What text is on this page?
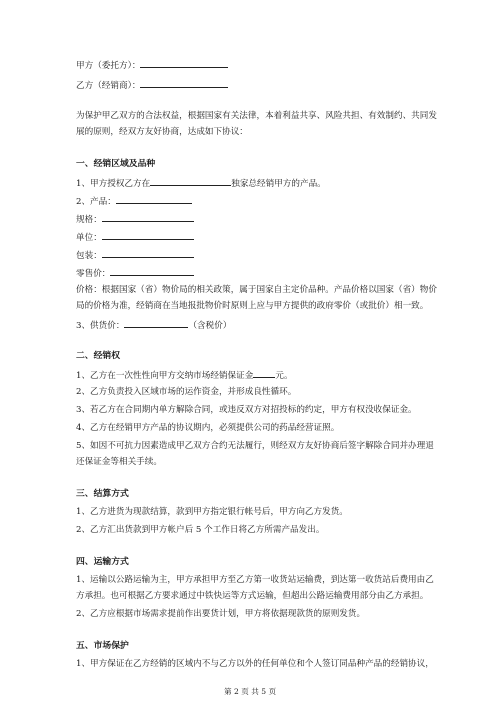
甲方（委托方）：
乙方（经销商）：
为保护甲乙双方的合法权益，根据国家有关法律，本着利益共享、风险共担、有效制约、共同发
展的原则，经双方友好协商，达成如下协议：
一、经销区域及品种
1、甲方授权乙方在	独家总经销甲方的产品。
2、产品：
规格：
单位：
包装：
零售价：
价格：根据国家（省）物价局的相关政策，属于国家自主定价品种。产品价格以国家（省）物价
局的价格为准，经销商在当地报批物价时原则上应与甲方提供的政府零价（或批价）相一致。
3、供货价：	（含税价）
二、经销权
1、乙方在一次性性向甲方交纳市场经销保证金	元。
2、乙方负责投入区域市场的运作资金，并形成良性循环。
3、若乙方在合同期内单方解除合同，或违反双方对招投标的约定，甲方有权没收保证金。
4、乙方在经销甲方产品的协议期内，必须提供公司的药品经营证照。
5、如因不可抗力因素造成甲乙双方合约无法履行，则经双方友好协商后签字解除合同并办理退
还保证金等相关手续。
三、结算方式
1、乙方进货为现款结算，款到甲方指定银行帐号后，甲方向乙方发货。
2、乙方汇出货款到甲方帐户后 5 个工作日将乙方所需产品发出。
四、运输方式
1、运输以公路运输为主，甲方承担甲方至乙方第一收货站运输费，到达第一收货站后费用由乙
方承担。也可根据乙方要求通过中铁快运等方式运输，但超出公路运输费用部分由乙方承担。
2、乙方应根据市场需求提前作出要货计划，甲方将依据现款货的原则发货。
五、市场保护
1、甲方保证在乙方经销的区域内不与乙方以外的任何单位和个人签订同品种产品的经销协议，
第 2 页 共 5 页
